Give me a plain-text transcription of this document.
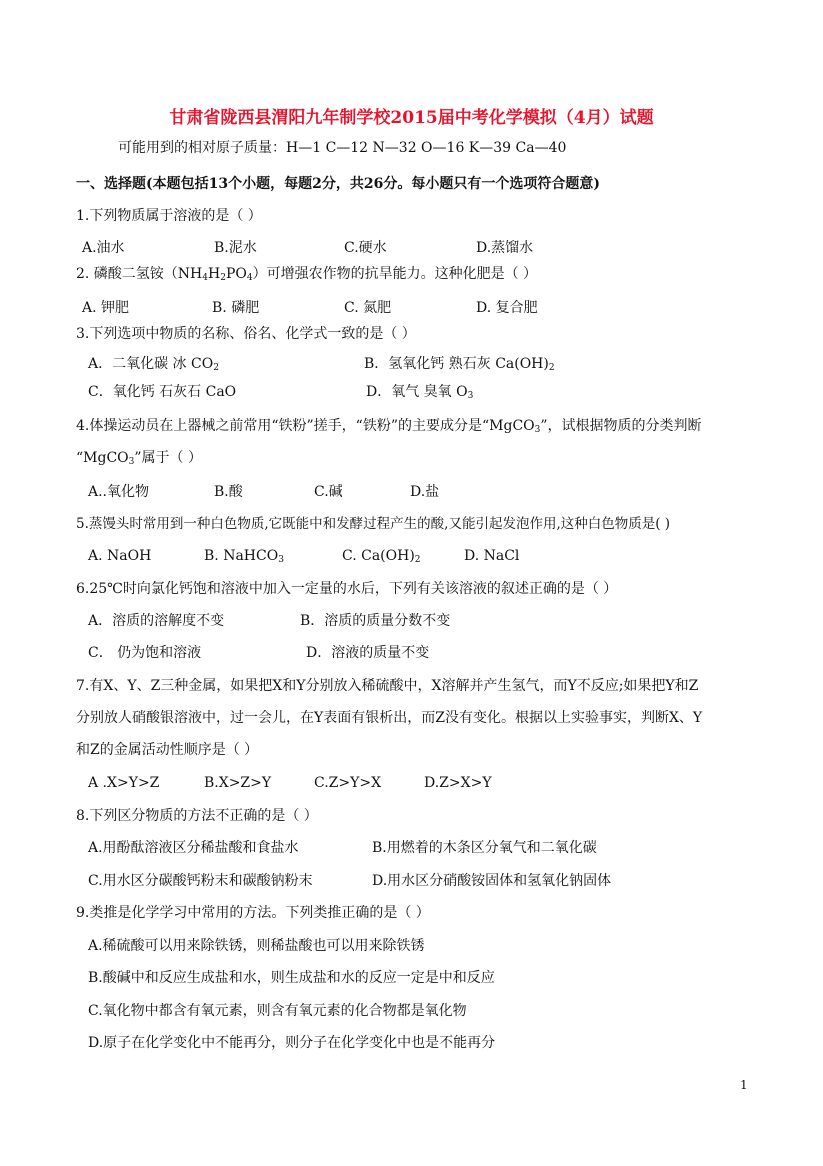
甘肃省陇西县渭阳九年制学校2015届中考化学模拟（4月）试题
可能用到的相对原子质量：H—1 C—12 N—32 O—16 K—39 Ca—40
一、选择题(本题包括13个小题，每题2分，共26分。每小题只有一个选项符合题意)
1.下列物质属于溶液的是（ ）
A.油水	B.泥水	C.硬水	D.蒸馏水
2. 磷酸二氢铵$(NH_4H_2PO_4)$可增强农作物的抗旱能力。这种化肥是（ ）
A. 钾肥	B. 磷肥	C. 氮肥	D. 复合肥
3.下列选项中物质的名称、俗名、化学式一致的是（ ）
A．二氧化碳 冰 $CO_2$	B．氢氧化钙 熟石灰 $Ca(OH)_2$
C．氧化钙 石灰石 CaO	D．氧气 臭氧 $O_3$
4.体操运动员在上器械之前常用“铁粉”搓手，“铁粉”的主要成分是“MgCO$_3$”，试根据物质的分类判断
“MgCO$_3$”属于（ ）
A..氧化物	B.酸	C.碱	D.盐
5.蒸馒头时常用到一种白色物质,它既能中和发酵过程产生的酸,又能引起发泡作用,这种白色物质是( )
A. NaOH	B. NaHCO$_3$	C. $Ca(OH)_2$	D. NaCl
6.25℃时向氯化钙饱和溶液中加入一定量的水后，下列有关该溶液的叙述正确的是（ ）
A．溶质的溶解度不变	B．溶质的质量分数不变
C． 仍为饱和溶液	D．溶液的质量不变
7.有X、Y、Z三种金属，如果把X和Y分别放入稀硫酸中，X溶解并产生氢气，而Y不反应;如果把Y和Z
分别放人硝酸银溶液中，过一会儿，在Y表面有银析出，而Z没有变化。根据以上实验事实，判断X、Y
和Z的金属活动性顺序是（ ）
A .X>Y>Z	B.X>Z>Y	C.Z>Y>X	D.Z>X>Y
8.下列区分物质的方法不正确的是（ ）
A.用酚酞溶液区分稀盐酸和食盐水	B.用燃着的木条区分氧气和二氧化碳
C.用水区分碳酸钙粉末和碳酸钠粉末	D.用水区分硝酸铵固体和氢氧化钠固体
9.类推是化学学习中常用的方法。下列类推正确的是（ ）
A.稀硫酸可以用来除铁锈，则稀盐酸也可以用来除铁锈
B.酸碱中和反应生成盐和水，则生成盐和水的反应一定是中和反应
C.氧化物中都含有氧元素，则含有氧元素的化合物都是氧化物
D.原子在化学变化中不能再分，则分子在化学变化中也是不能再分
1
